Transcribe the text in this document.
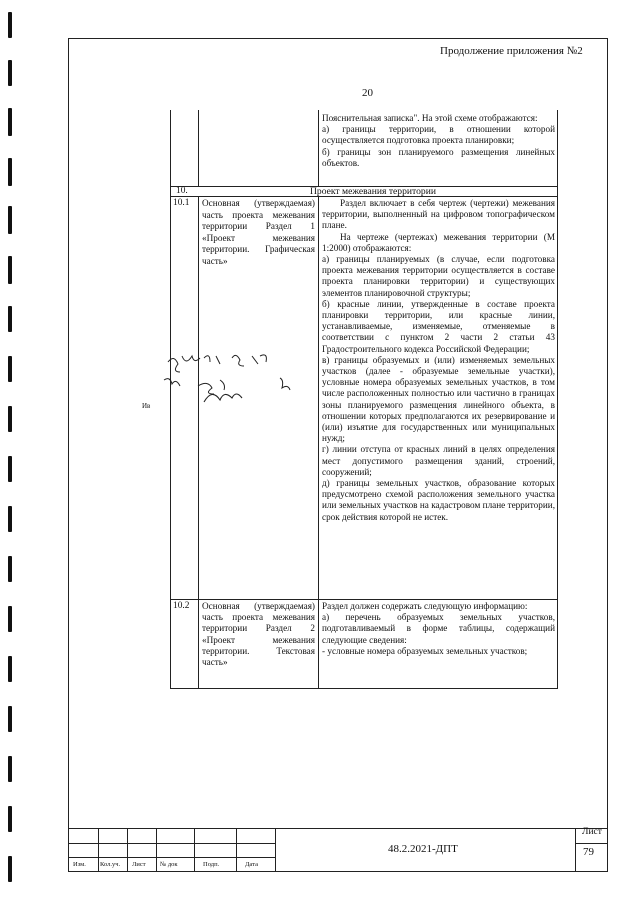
Продолжение приложения №2
20

Пояснительная записка". На этой схеме отображаются:

а) границы территории, в отношении которой осуществляется подготовка проекта планировки;

б) границы зон планируемого размещения линейных объектов.

10.	Проект межевания территории
10.1 Основная (утверждаемая) часть проекта межевания территории Раздел 1 «Проект межевания территории. Графическая часть»

Раздел включает в себя чертеж (чертежи) межевания территории, выполненный на цифровом топографическом плане.

На чертеже (чертежах) межевания территории (М 1:2000) отображаются:

а) границы планируемых (в случае, если подготовка проекта межевания территории осуществляется в составе проекта планировки территории) и существующих элементов планировочной структуры;

б) красные линии, утвержденные в составе проекта планировки территории, или красные линии, устанавливаемые, изменяемые, отменяемые в соответствии с пунктом 2 части 2 статьи 43 Градостроительного кодекса Российской Федерации;

в) границы образуемых и (или) изменяемых земельных участков (далее - образуемые земельные участки), условные номера образуемых земельных участков, в том числе расположенных полностью или частично в границах зоны планируемого размещения линейного объекта, в отношении которых предполагаются их резервирование и (или) изъятие для государственных или муниципальных нужд;

г) линии отступа от красных линий в целях определения мест допустимого размещения зданий, строений, сооружений;

д) границы земельных участков, образование которых предусмотрено схемой расположения земельного участка или земельных участков на кадастровом плане территории, срок действия которой не истек.

10.2 Основная (утверждаемая) часть проекта межевания территории Раздел 2 «Проект межевания территории. Текстовая часть»

Раздел должен содержать следующую информацию:

а) перечень образуемых земельных участков, подготавливаемый в форме таблицы, содержащий следующие сведения:

- условные номера образуемых земельных участков;

Ив
Изм. Кол.уч. Лист № док	Подп.	Дата
48.2.2021-ДПТ
Лист
79
